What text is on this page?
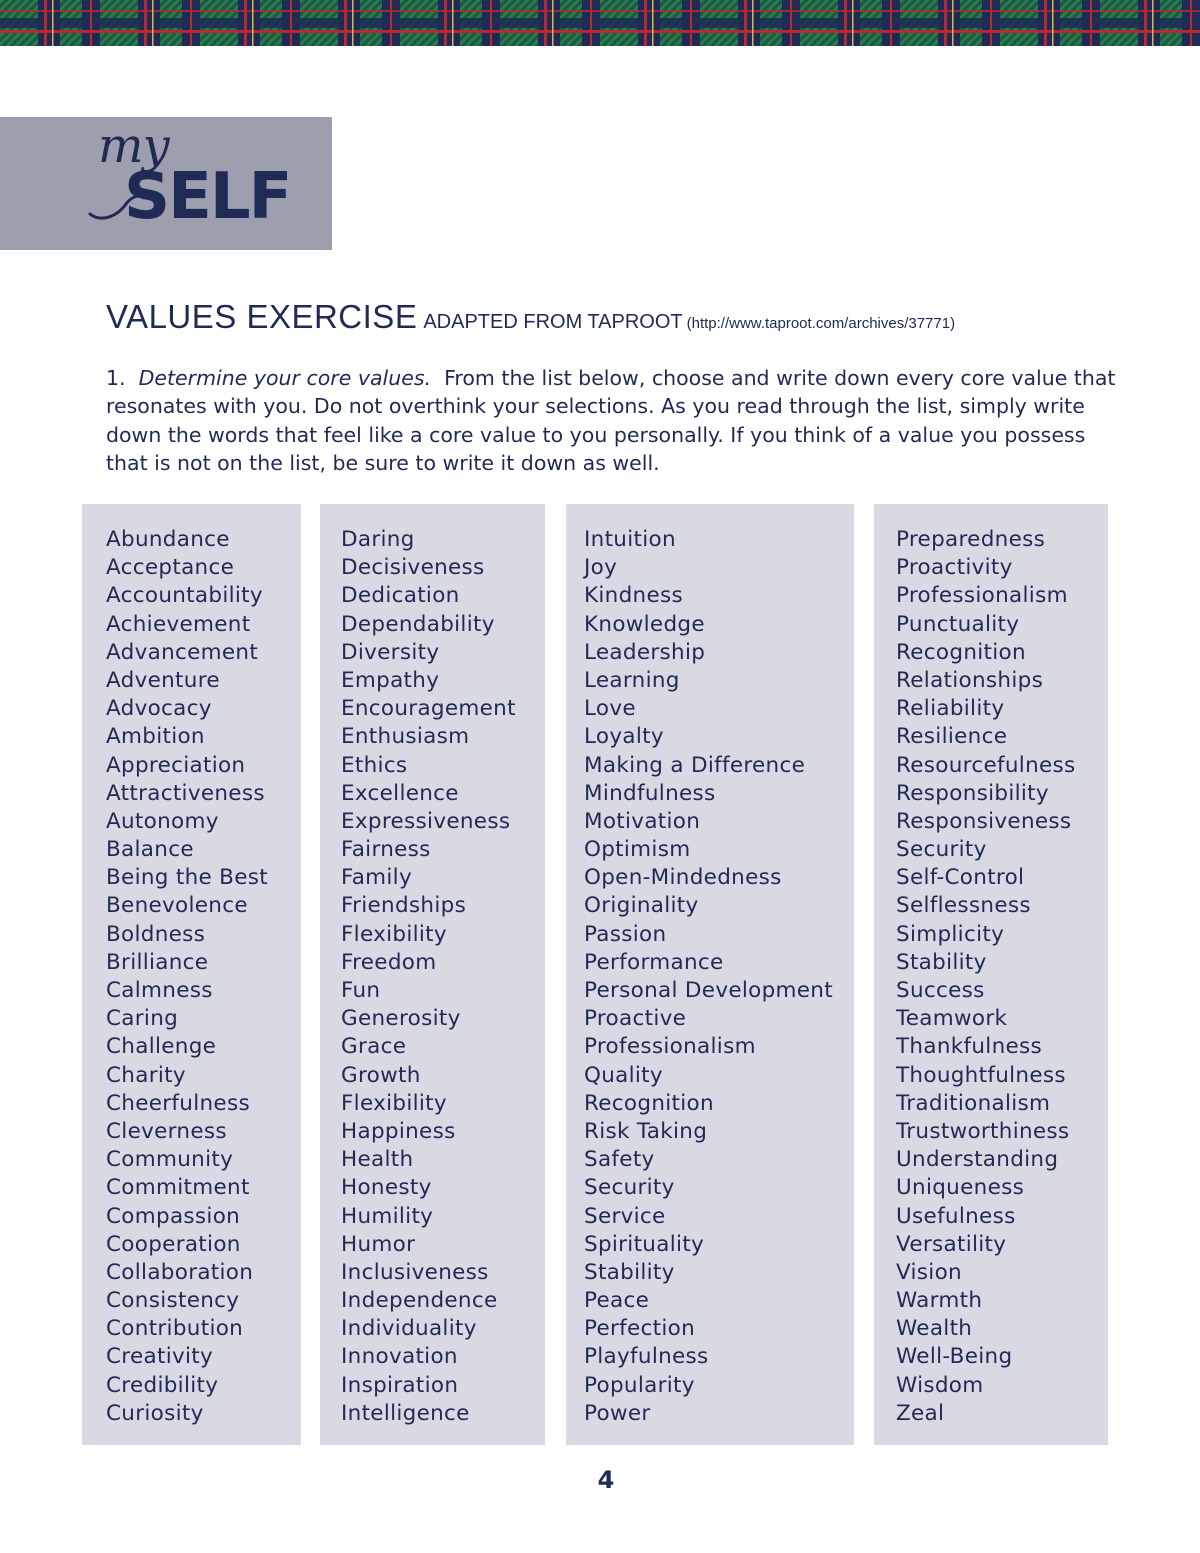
my
SELF
VALUES EXERCISE ADAPTED FROM TAPROOT (http://www.taproot.com/archives/37771)
1. Determine your core values. From the list below, choose and write down every core value that resonates with you. Do not overthink your selections. As you read through the list, simply write down the words that feel like a core value to you personally. If you think of a value you possess that is not on the list, be sure to write it down as well.
Abundance
Acceptance
Accountability
Achievement
Advancement
Adventure
Advocacy
Ambition
Appreciation
Attractiveness
Autonomy
Balance
Being the Best
Benevolence
Boldness
Brilliance
Calmness
Caring
Challenge
Charity
Cheerfulness
Cleverness
Community
Commitment
Compassion
Cooperation
Collaboration
Consistency
Contribution
Creativity
Credibility
Curiosity
Daring
Decisiveness
Dedication
Dependability
Diversity
Empathy
Encouragement
Enthusiasm
Ethics
Excellence
Expressiveness
Fairness
Family
Friendships
Flexibility
Freedom
Fun
Generosity
Grace
Growth
Flexibility
Happiness
Health
Honesty
Humility
Humor
Inclusiveness
Independence
Individuality
Innovation
Inspiration
Intelligence
Intuition
Joy
Kindness
Knowledge
Leadership
Learning
Love
Loyalty
Making a Difference
Mindfulness
Motivation
Optimism
Open-Mindedness
Originality
Passion
Performance
Personal Development
Proactive
Professionalism
Quality
Recognition
Risk Taking
Safety
Security
Service
Spirituality
Stability
Peace
Perfection
Playfulness
Popularity
Power
Preparedness
Proactivity
Professionalism
Punctuality
Recognition
Relationships
Reliability
Resilience
Resourcefulness
Responsibility
Responsiveness
Security
Self-Control
Selflessness
Simplicity
Stability
Success
Teamwork
Thankfulness
Thoughtfulness
Traditionalism
Trustworthiness
Understanding
Uniqueness
Usefulness
Versatility
Vision
Warmth
Wealth
Well-Being
Wisdom
Zeal
4
